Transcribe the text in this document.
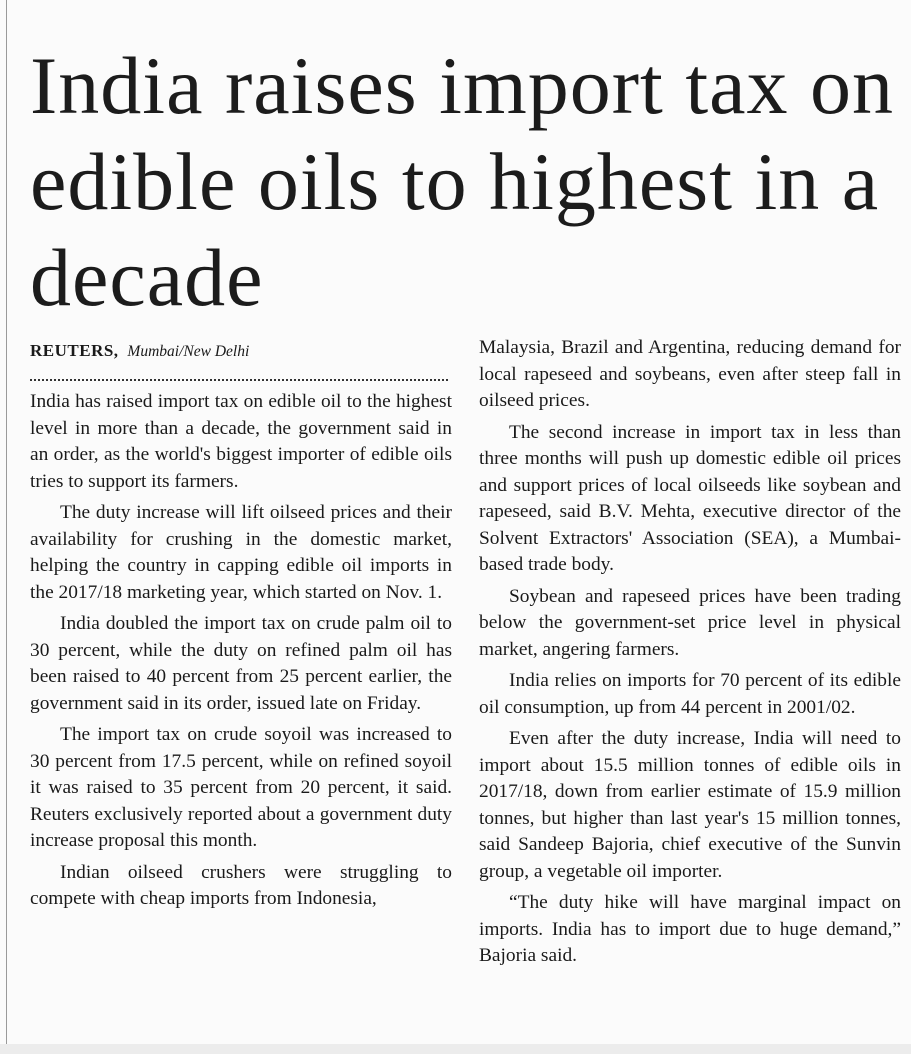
India raises import tax on edible oils to highest in a decade
REUTERS, Mumbai/New Delhi

India has raised import tax on edible oil to the highest level in more than a decade, the government said in an order, as the world's biggest importer of edible oils tries to support its farmers.

The duty increase will lift oilseed prices and their availability for crushing in the domestic market, helping the country in capping edible oil imports in the 2017/18 marketing year, which started on Nov. 1.

India doubled the import tax on crude palm oil to 30 percent, while the duty on refined palm oil has been raised to 40 percent from 25 percent earlier, the government said in its order, issued late on Friday.

The import tax on crude soyoil was increased to 30 percent from 17.5 percent, while on refined soyoil it was raised to 35 percent from 20 percent, it said. Reuters exclusively reported about a government duty increase proposal this month.

Indian oilseed crushers were struggling to compete with cheap imports from Indonesia,

Malaysia, Brazil and Argentina, reducing demand for local rapeseed and soybeans, even after steep fall in oilseed prices.

The second increase in import tax in less than three months will push up domestic edible oil prices and support prices of local oilseeds like soybean and rapeseed, said B.V. Mehta, executive director of the Solvent Extractors' Association (SEA), a Mumbai-based trade body.

Soybean and rapeseed prices have been trading below the government-set price level in physical market, angering farmers.

India relies on imports for 70 percent of its edible oil consumption, up from 44 percent in 2001/02.

Even after the duty increase, India will need to import about 15.5 million tonnes of edible oils in 2017/18, down from earlier estimate of 15.9 million tonnes, but higher than last year's 15 million tonnes, said Sandeep Bajoria, chief executive of the Sunvin group, a vegetable oil importer.

“The duty hike will have marginal impact on imports. India has to import due to huge demand,” Bajoria said.
